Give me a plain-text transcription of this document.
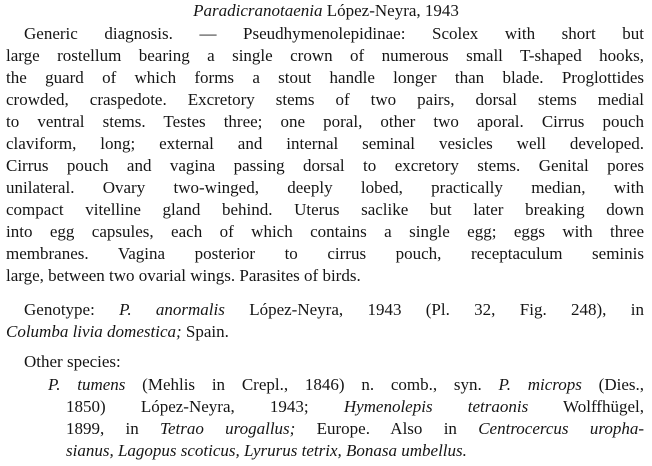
Paradicranotaenia López-Neyra, 1943
Generic diagnosis. — Pseudhymenolepidinae: Scolex with short but
large rostellum bearing a single crown of numerous small T-shaped hooks,
the guard of which forms a stout handle longer than blade. Proglottides
crowded, craspedote. Excretory stems of two pairs, dorsal stems medial
to ventral stems. Testes three; one poral, other two aporal. Cirrus pouch
claviform, long; external and internal seminal vesicles well developed.
Cirrus pouch and vagina passing dorsal to excretory stems. Genital pores
unilateral. Ovary two-winged, deeply lobed, practically median, with
compact vitelline gland behind. Uterus saclike but later breaking down
into egg capsules, each of which contains a single egg; eggs with three
membranes. Vagina posterior to cirrus pouch, receptaculum seminis
large, between two ovarial wings. Parasites of birds.
Genotype: P. anormalis López-Neyra, 1943 (Pl. 32, Fig. 248), in
Columba livia domestica; Spain.
Other species:
P. tumens (Mehlis in Crepl., 1846) n. comb., syn. P. microps (Dies.,
1850) López-Neyra, 1943; Hymenolepis tetraonis Wolffhügel,
1899, in Tetrao urogallus; Europe. Also in Centrocercus uropha-
sianus, Lagopus scoticus, Lyrurus tetrix, Bonasa umbellus.
